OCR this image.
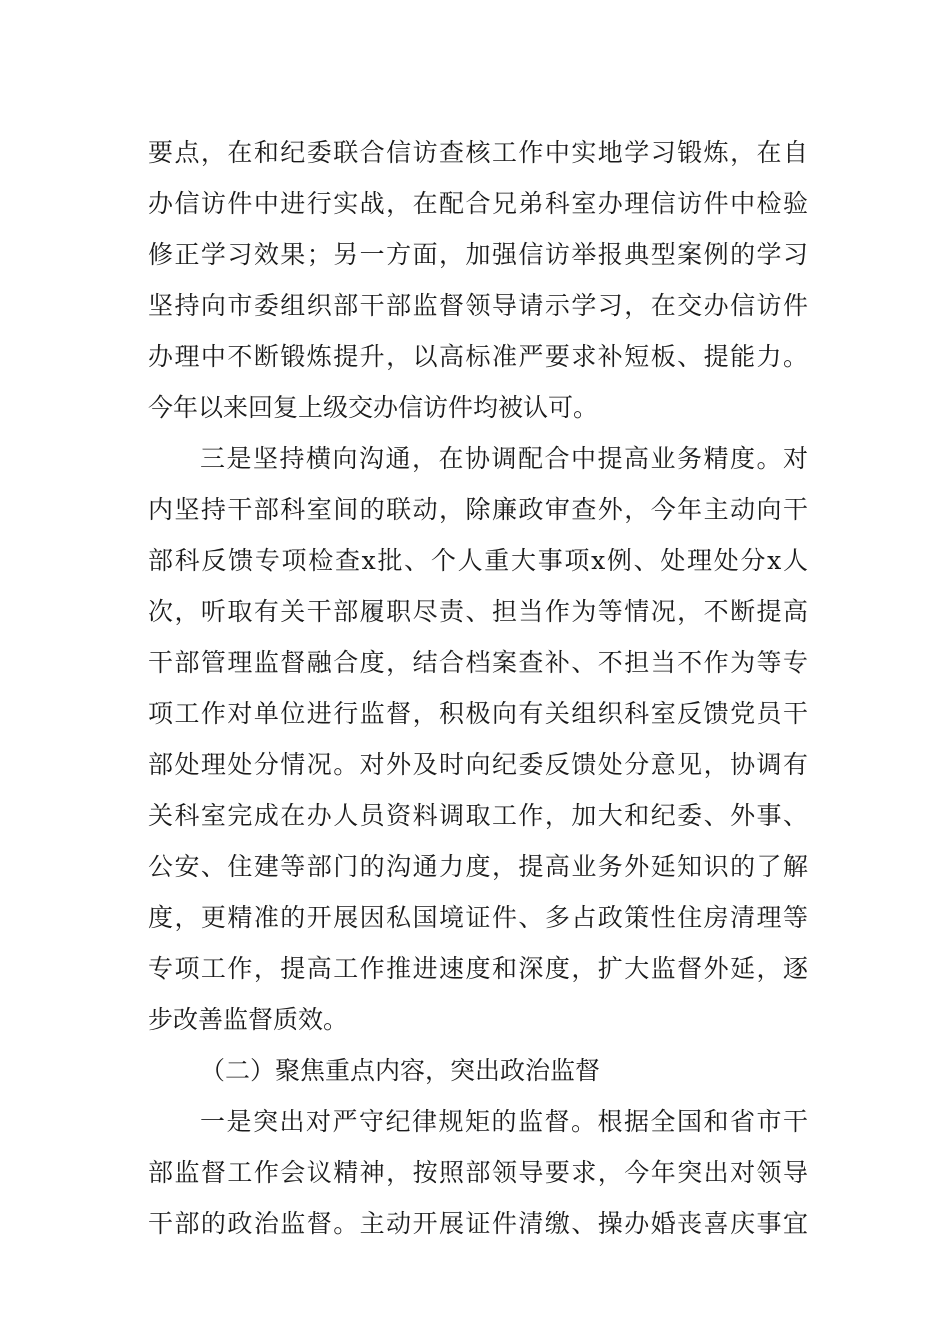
要点，在和纪委联合信访查核工作中实地学习锻炼，在自
办信访件中进行实战，在配合兄弟科室办理信访件中检验
修正学习效果；另一方面，加强信访举报典型案例的学习
坚持向市委组织部干部监督领导请示学习，在交办信访件
办理中不断锻炼提升，以高标准严要求补短板、提能力。
今年以来回复上级交办信访件均被认可。
三是坚持横向沟通，在协调配合中提高业务精度。对
内坚持干部科室间的联动，除廉政审查外，今年主动向干
部科反馈专项检查x批、个人重大事项x例、处理处分x人
次，听取有关干部履职尽责、担当作为等情况，不断提高
干部管理监督融合度，结合档案查补、不担当不作为等专
项工作对单位进行监督，积极向有关组织科室反馈党员干
部处理处分情况。对外及时向纪委反馈处分意见，协调有
关科室完成在办人员资料调取工作，加大和纪委、外事、
公安、住建等部门的沟通力度，提高业务外延知识的了解
度，更精准的开展因私国境证件、多占政策性住房清理等
专项工作，提高工作推进速度和深度，扩大监督外延，逐
步改善监督质效。
（二）聚焦重点内容，突出政治监督
一是突出对严守纪律规矩的监督。根据全国和省市干
部监督工作会议精神，按照部领导要求，今年突出对领导
干部的政治监督。主动开展证件清缴、操办婚丧喜庆事宜
